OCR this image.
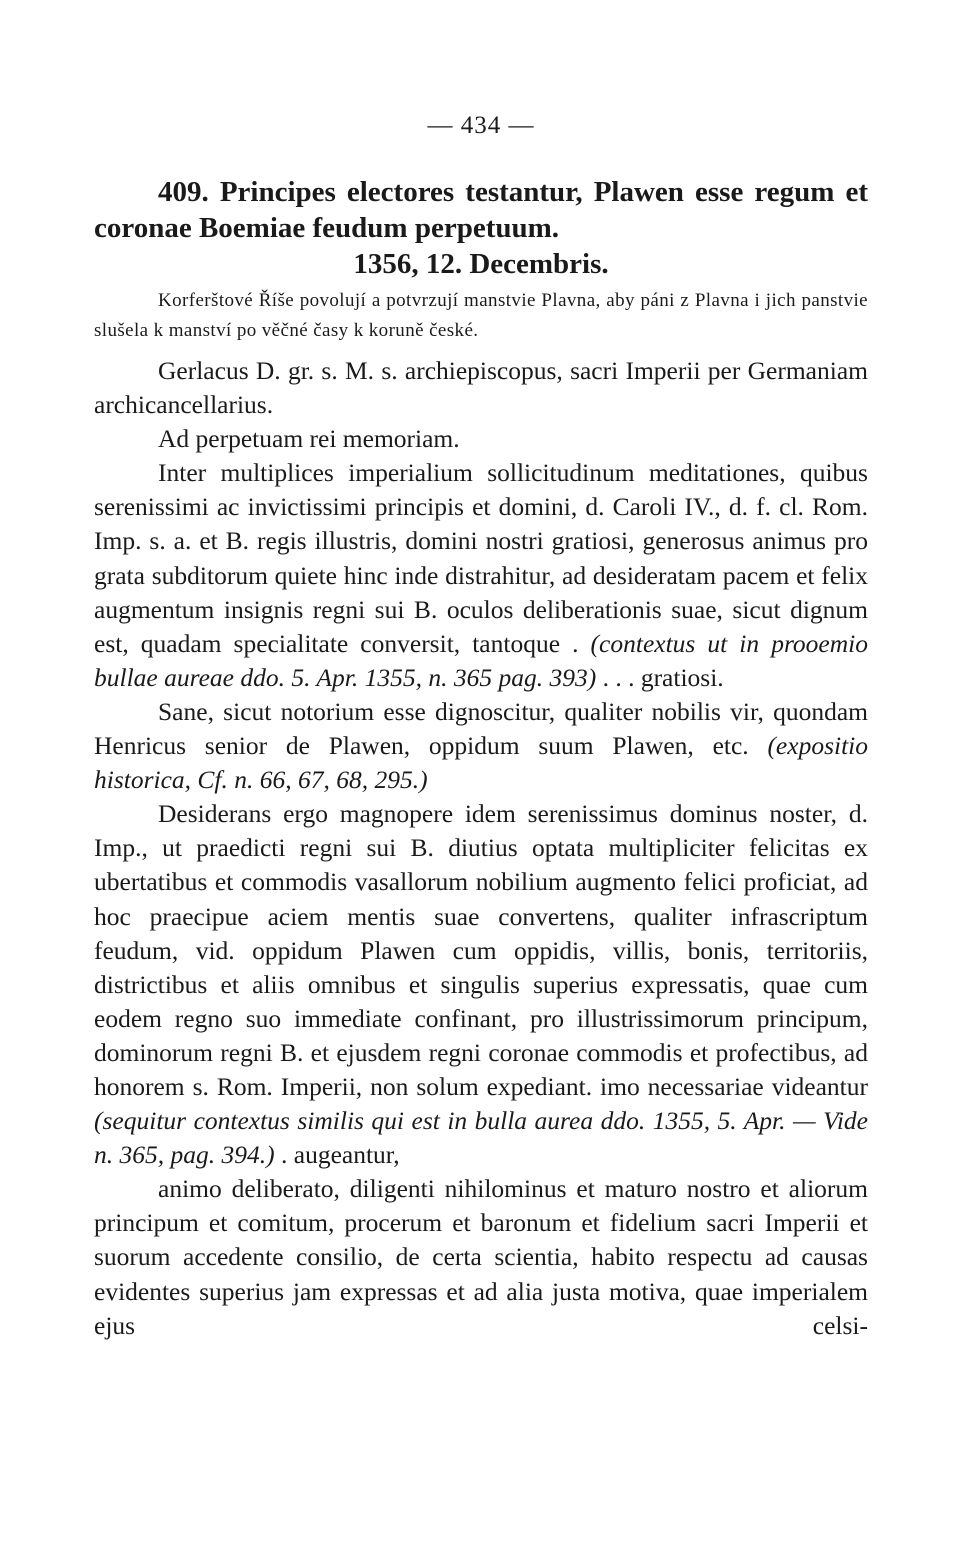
— 434 —
409. Principes electores testantur, Plawen esse regum et coronae Boemiae feudum perpetuum.
1356, 12. Decembris.
Korferštové Říše povolují a potvrzují manstvie Plavna, aby páni z Plavna i jich panstvie slušela k manství po věčné časy k koruně české.
Gerlacus D. gr. s. M. s. archiepiscopus, sacri Imperii per Germaniam archicancellarius.
Ad perpetuam rei memoriam.
Inter multiplices imperialium sollicitudinum meditationes, quibus serenissimi ac invictissimi principis et domini, d. Caroli IV., d. f. cl. Rom. Imp. s. a. et B. regis illustris, domini nostri gratiosi, generosus animus pro grata subditorum quiete hinc inde distrahitur, ad desideratam pacem et felix augmentum insignis regni sui B. oculos deliberationis suae, sicut dignum est, quadam specialitate conversit, tantoque . (contextus ut in prooemio bullae aureae ddo. 5. Apr. 1355, n. 365 pag. 393) . . . gratiosi.
Sane, sicut notorium esse dignoscitur, qualiter nobilis vir, quondam Henricus senior de Plawen, oppidum suum Plawen, etc. (expositio historica, Cf. n. 66, 67, 68, 295.)
Desiderans ergo magnopere idem serenissimus dominus noster, d. Imp., ut praedicti regni sui B. diutius optata multipliciter felicitas ex ubertatibus et commodis vasallorum nobilium augmento felici proficiat, ad hoc praecipue aciem mentis suae convertens, qualiter infrascriptum feudum, vid. oppidum Plawen cum oppidis, villis, bonis, territoriis, districtibus et aliis omnibus et singulis superius expressatis, quae cum eodem regno suo immediate confinant, pro illustrissimorum principum, dominorum regni B. et ejusdem regni coronae commodis et profectibus, ad honorem s. Rom. Imperii, non solum expediant. imo necessariae videantur (sequitur contextus similis qui est in bulla aurea ddo. 1355, 5. Apr. — Vide n. 365, pag. 394.) . augeantur,
animo deliberato, diligenti nihilominus et maturo nostro et aliorum principum et comitum, procerum et baronum et fidelium sacri Imperii et suorum accedente consilio, de certa scientia, habito respectu ad causas evidentes superius jam expressas et ad alia justa motiva, quae imperialem ejus celsi-
